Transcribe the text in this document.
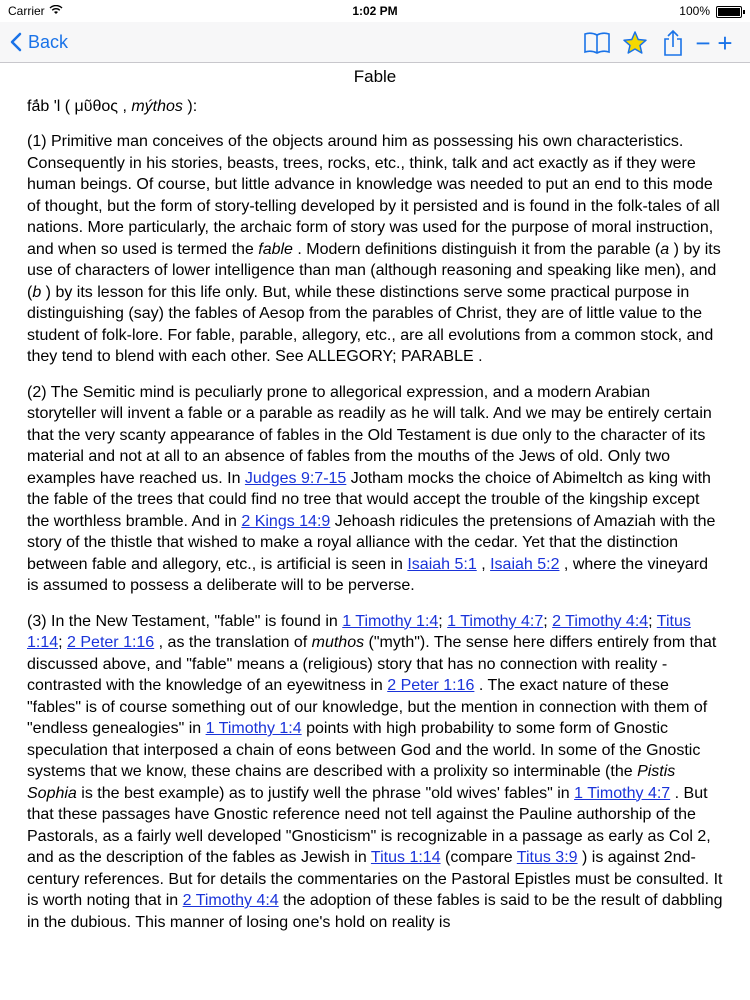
Carrier	1:02 PM	100%
Back	− +
Fable
fā́b 'l ( μῦθος , mýthos ):
(1) Primitive man conceives of the objects around him as possessing his own characteristics. Consequently in his stories, beasts, trees, rocks, etc., think, talk and act exactly as if they were human beings. Of course, but little advance in knowledge was needed to put an end to this mode of thought, but the form of story-telling developed by it persisted and is found in the folk-tales of all nations. More particularly, the archaic form of story was used for the purpose of moral instruction, and when so used is termed the fable . Modern definitions distinguish it from the parable (a ) by its use of characters of lower intelligence than man (although reasoning and speaking like men), and (b ) by its lesson for this life only. But, while these distinctions serve some practical purpose in distinguishing (say) the fables of Aesop from the parables of Christ, they are of little value to the student of folk-lore. For fable, parable, allegory, etc., are all evolutions from a common stock, and they tend to blend with each other. See ALLEGORY; PARABLE .
(2) The Semitic mind is peculiarly prone to allegorical expression, and a modern Arabian storyteller will invent a fable or a parable as readily as he will talk. And we may be entirely certain that the very scanty appearance of fables in the Old Testament is due only to the character of its material and not at all to an absence of fables from the mouths of the Jews of old. Only two examples have reached us. In Judges 9:7-15 Jotham mocks the choice of Abimeltch as king with the fable of the trees that could find no tree that would accept the trouble of the kingship except the worthless bramble. And in 2 Kings 14:9 Jehoash ridicules the pretensions of Amaziah with the story of the thistle that wished to make a royal alliance with the cedar. Yet that the distinction between fable and allegory, etc., is artificial is seen in Isaiah 5:1 , Isaiah 5:2 , where the vineyard is assumed to possess a deliberate will to be perverse.
(3) In the New Testament, "fable" is found in 1 Timothy 1:4; 1 Timothy 4:7; 2 Timothy 4:4; Titus 1:14; 2 Peter 1:16 , as the translation of muthos ("myth"). The sense here differs entirely from that discussed above, and "fable" means a (religious) story that has no connection with reality - contrasted with the knowledge of an eyewitness in 2 Peter 1:16 . The exact nature of these "fables" is of course something out of our knowledge, but the mention in connection with them of "endless genealogies" in 1 Timothy 1:4 points with high probability to some form of Gnostic speculation that interposed a chain of eons between God and the world. In some of the Gnostic systems that we know, these chains are described with a prolixity so interminable (the Pistis Sophia is the best example) as to justify well the phrase "old wives' fables" in 1 Timothy 4:7 . But that these passages have Gnostic reference need not tell against the Pauline authorship of the Pastorals, as a fairly well developed "Gnosticism" is recognizable in a passage as early as Col 2, and as the description of the fables as Jewish in Titus 1:14 (compare Titus 3:9 ) is against 2nd-century references. But for details the commentaries on the Pastoral Epistles must be consulted. It is worth noting that in 2 Timothy 4:4 the adoption of these fables is said to be the result of dabbling in the dubious. This manner of losing one's hold on reality is
